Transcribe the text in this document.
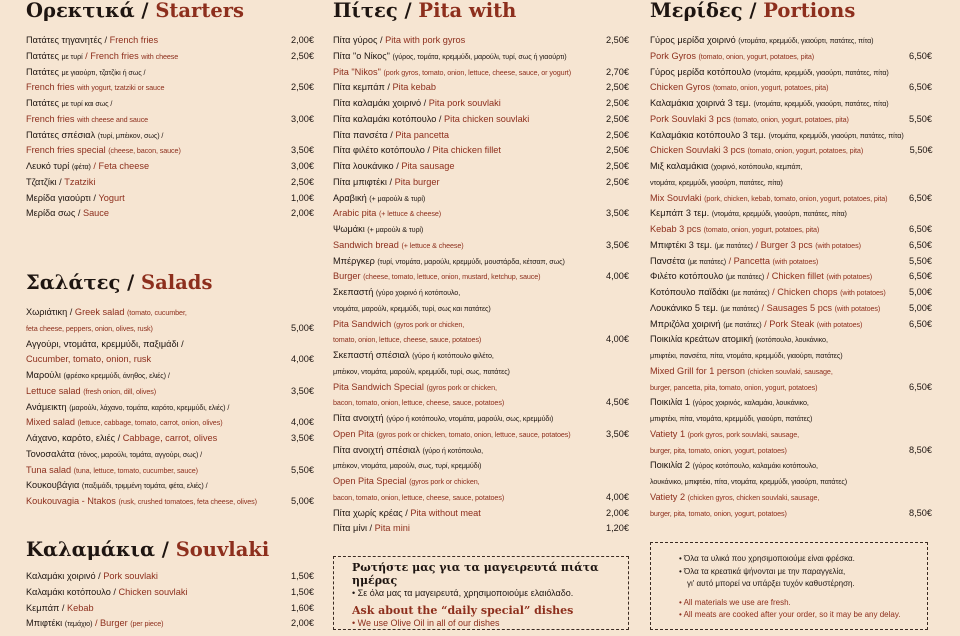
Ορεκτικά / Starters
Πατάτες τηγανητές / French fries	2,00€
Πατάτες με τυρί / French fries with cheese	2,50€
Πατάτες με γιαούρτι, τζατζίκι ή σως /
French fries with yogurt, tzatziki or sauce	2,50€
Πατάτες με τυρί και σως /
French fries with cheese and sauce	3,00€
Πατάτες σπέσιαλ (τυρί, μπέικον, σως) /
French fries special (cheese, bacon, sauce)	3,50€
Λευκό τυρί (φέτα) / Feta cheese	3,00€
Τζατζίκι / Tzatziki	2,50€
Μερίδα γιαούρτι / Yogurt	1,00€
Μερίδα σως / Sauce	2,00€
Σαλάτες / Salads
Χωριάτικη / Greek salad (tomato, cucumber,
feta cheese, peppers, onion, olives, rusk)	5,00€
Αγγούρι, ντομάτα, κρεμμύδι, παξιμάδι /
Cucumber, tomato, onion, rusk	4,00€
Μαρούλι (φρέσκο κρεμμύδι, άνηθος, ελιές) /
Lettuce salad (fresh onion, dill, olives)	3,50€
Ανάμεικτη (μαρούλι, λάχανο, τομάτα, καρότο, κρεμμύδι, ελιές) /
Mixed salad (lettuce, cabbage, tomato, carrot, onion, olives)	4,00€
Λάχανο, καρότο, ελιές / Cabbage, carrot, olives	3,50€
Τονοσαλάτα (τόνος, μαρούλι, τομάτα, αγγούρι, σως) /
Tuna salad (tuna, lettuce, tomato, cucumber, sauce)	5,50€
Κουκουβάγια (παξιμάδι, τριμμένη τομάτα, φέτα, ελιές) /
Koukouvagia - Ntakos (rusk, crushed tomatoes, feta cheese, olives)	5,00€
Καλαμάκια / Souvlaki
Καλαμάκι χοιρινό / Pork souvlaki	1,50€
Καλαμάκι κοτόπουλο / Chicken souvlaki	1,50€
Κεμπάπ / Kebab	1,60€
Μπιφτέκι (τεμάχιο) / Burger (per piece)	2,00€
Πίτες / Pita with
Πίτα γύρος / Pita with pork gyros	2,50€
Πίτα "ο Νίκος" (γύρος, τομάτα, κρεμμύδι, μαρούλι, τυρί, σως ή γιαούρτι)
Pita "Nikos" (pork gyros, tomato, onion, lettuce, cheese, sauce, or yogurt)	2,70€
Πίτα κεμπάπ / Pita kebab	2,50€
Πίτα καλαμάκι χοιρινό / Pita pork souvlaki	2,50€
Πίτα καλαμάκι κοτόπουλο / Pita chicken souvlaki	2,50€
Πίτα πανσέτα / Pita pancetta	2,50€
Πίτα φιλέτο κοτόπουλο / Pita chicken fillet	2,50€
Πίτα λουκάνικο / Pita sausage	2,50€
Πίτα μπιφτέκι / Pita burger	2,50€
Αραβική (+ μαρούλι & τυρί)
Arabic pita (+ lettuce & cheese)	3,50€
Ψωμάκι (+ μαρούλι & τυρί)
Sandwich bread (+ lettuce & cheese)	3,50€
Μπέργκερ (τυρί, ντομάτα, μαρούλι, κρεμμύδι, μουστάρδα, κέτσαπ, σως)
Burger (cheese, tomato, lettuce, onion, mustard, ketchup, sauce)	4,00€
Σκεπαστή (γύρο χοιρινό ή κοτόπουλο,
ντομάτα, μαρούλι, κρεμμύδι, τυρί, σως και πατάτες)
Pita Sandwich (gyros pork or chicken,
tomato, onion, lettuce, cheese, sauce, potatoes)	4,00€
Σκεπαστή σπέσιαλ (γύρο ή κοτόπουλο φιλέτο,
μπέικον, ντομάτα, μαρούλι, κρεμμύδι, τυρί, σως, πατάτες)
Pita Sandwich Special (gyros pork or chicken,
bacon, tomato, onion, lettuce, cheese, sauce, potatoes)	4,50€
Πίτα ανοιχτή (γύρο ή κοτόπουλο, ντομάτα, μαρούλι, σως, κρεμμύδι)
Open Pita (gyros pork or chicken, tomato, onion, lettuce, sauce, potatoes)	3,50€
Πίτα ανοιχτή σπέσιαλ (γύρο ή κοτόπουλο,
μπέικον, ντομάτα, μαρούλι, σως, τυρί, κρεμμύδι)
Open Pita Special (gyros pork or chicken,
bacon, tomato, onion, lettuce, cheese, sauce, potatoes)	4,00€
Πίτα χωρίς κρέας / Pita without meat	2,00€
Πίτα μίνι / Pita mini	1,20€
Μερίδες / Portions
Γύρος μερίδα χοιρινό (ντομάτα, κρεμμύδι, γιαούρτι, πατάτες, πίτα)
Pork Gyros (tomato, onion, yogurt, potatoes, pita)	6,50€
Γύρος μερίδα κοτόπουλο (ντομάτα, κρεμμύδι, γιαούρτι, πατάτες, πίτα)
Chicken Gyros (tomato, onion, yogurt, potatoes, pita)	6,50€
Καλαμάκια χοιρινά 3 τεμ. (ντομάτα, κρεμμύδι, γιαούρτι, πατάτες, πίτα)
Pork Souvlaki 3 pcs (tomato, onion, yogurt, potatoes, pita)	5,50€
Καλαμάκια κοτόπουλο 3 τεμ. (ντομάτα, κρεμμύδι, γιαούρτι, πατάτες, πίτα)
Chicken Souvlaki 3 pcs (tomato, onion, yogurt, potatoes, pita)	5,50€
Μιξ καλαμάκια (χοιρινό, κοτόπουλο, κεμπάπ,
ντομάτα, κρεμμύδι, γιαούρτι, πατάτες, πίτα)
Mix Souvlaki (pork, chicken, kebab, tomato, onion, yogurt, potatoes, pita)	6,50€
Κεμπάπ 3 τεμ. (ντομάτα, κρεμμύδι, γιαούρτι, πατάτες, πίτα)
Kebab 3 pcs (tomato, onion, yogurt, potatoes, pita)	6,50€
Μπιφτέκι 3 τεμ. (με πατάτες) / Burger 3 pcs (with potatoes)	6,50€
Πανσέτα (με πατάτες) / Pancetta (with potatoes)	5,50€
Φιλέτο κοτόπουλο (με πατάτες) / Chicken fillet (with potatoes)	6,50€
Κοτόπουλο παϊδάκι (με πατάτες) / Chicken chops (with potatoes)	5,00€
Λουκάνικο 5 τεμ. (με πατάτες) / Sausages 5 pcs (with potatoes)	5,00€
Μπριζόλα χοιρινή (με πατάτες) / Pork Steak (with potatoes)	6,50€
Ποικιλία κρεάτων ατομική (κοτόπουλο, λουκάνικο,
μπιφτέκι, πανσέτα, πίτα, ντομάτα, κρεμμύδι, γιαούρτι, πατάτες)
Mixed Grill for 1 person (chicken souvlaki, sausage,
burger, pancetta, pita, tomato, onion, yogurt, potatoes)	6,50€
Ποικιλία 1 (γύρος χοιρινός, καλαμάκι, λουκάνικο,
μπιφτέκι, πίτα, ντομάτα, κρεμμύδι, γιαούρτι, πατάτες)
Vatiety 1 (pork gyros, pork souvlaki, sausage,
burger, pita, tomato, onion, yogurt, potatoes)	8,50€
Ποικιλία 2 (γύρος κοτόπουλο, καλαμάκι κοτόπουλο,
λουκάνικο, μπιφτέκι, πίτα, ντομάτα, κρεμμύδι, γιαούρτι, πατάτες)
Vatiety 2 (chicken gyros, chicken souvlaki, sausage,
burger, pita, tomato, onion, yogurt, potatoes)	8,50€
Ρωτήστε μας για τα μαγειρευτά πιάτα ημέρας
• Σε όλα μας τα μαγειρευτά, χρησιμοποιούμε ελαιόλαδο.
Ask about the “daily special” dishes
• We use Olive Oil in all of our dishes
• Όλα τα υλικά που χρησιμοποιούμε είναι φρέσκα.
• Όλα τα κρεατικά ψήνονται με την παραγγελία,
γι' αυτό μπορεί να υπάρξει τυχόν καθυστέρηση.
• All materials we use are fresh.
• All meats are cooked after your order, so it may be any delay.
